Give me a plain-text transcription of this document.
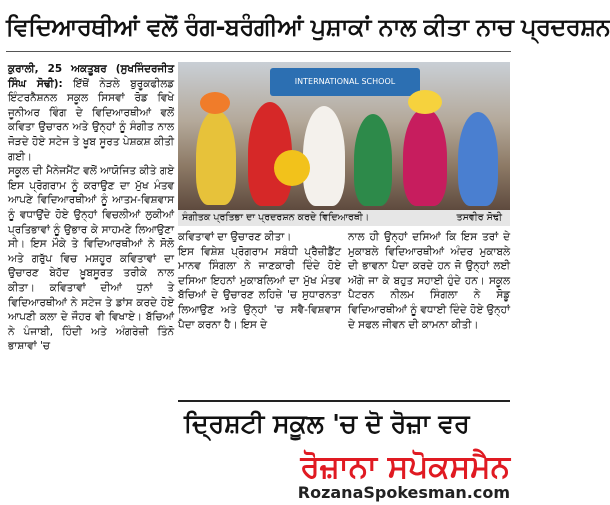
ਵਿਦਿਆਰਥੀਆਂ ਵਲੋਂ ਰੰਗ-ਬਰੰਗੀਆਂ ਪੁਸ਼ਾਕਾਂ ਨਾਲ ਕੀਤਾ ਨਾਚ ਪ੍ਰਦਰਸ਼ਨ

ਕੁਰਾਲੀ, 25 ਅਕਤੂਬਰ (ਸੁਖਜਿੰਦਰਜੀਤ ਸਿੰਘ ਸੋਢੀ): ਇੱਥੋਂ ਨੇੜਲੇ ਬੁਰੂਕਫੀਲਡ ਇੰਟਰਨੈਸ਼ਨਲ ਸਕੂਲ ਸਿਸਵਾਂ ਰੋਡ ਵਿਖੇ ਜੂਨੀਅਰ ਵਿੰਗ ਦੇ ਵਿਦਿਆਰਥੀਆਂ ਵਲੋਂ ਕਵਿਤਾ ਉਚਾਰਨ ਅਤੇ ਉਨ੍ਹਾਂ ਨੂੰ ਸੰਗੀਤ ਨਾਲ ਜੋੜਦੇ ਹੋਏ ਸਟੇਜ ਤੇ ਖੂਬ ਸੂਰਤ ਪੇਸ਼ਕਸ਼ ਕੀਤੀ ਗਈ।

ਸਕੂਲ ਦੀ ਮੈਨੇਜਮੈਂਟ ਵਲੋਂ ਆਯੋਜਿਤ ਕੀਤੇ ਗਏ ਇਸ ਪ੍ਰੋਗਰਾਮ ਨੂੰ ਕਰਾਉਣ ਦਾ ਮੁੱਖ ਮੰਤਵ ਆਪਣੇ ਵਿਦਿਆਰਥੀਆਂ ਨੂੰ ਆਤਮ-ਵਿਸ਼ਵਾਸ ਨੂੰ ਵਧਾਉਂਦੇ ਹੋਏ ਉਨ੍ਹਾਂ ਵਿਚਲੀਆਂ ਲੁਕੀਆਂ ਪ੍ਰਤਿਭਾਵਾਂ ਨੂੰ ਉਭਾਰ ਕੇ ਸਾਹਮਣੇ ਲਿਆਉਣਾ ਸੀ। ਇਸ ਮੌਕੇ ਤੇ ਵਿਦਿਆਰਥੀਆਂ ਨੇ ਸੋਲੋ ਅਤੇ ਗਰੁੱਪ ਵਿਚ ਮਸ਼ਹੂਰ ਕਵਿਤਾਵਾਂ ਦਾ ਉਚਾਰਣ ਬੇਹੱਦ ਖ਼ੂਬਸੂਰਤ ਤਰੀਕੇ ਨਾਲ ਕੀਤਾ। ਕਵਿਤਾਵਾਂ ਦੀਆਂ ਧੁਨਾਂ ਤੇ ਵਿਦਿਆਰਥੀਆਂ ਨੇ ਸਟੇਜ ਤੇ ਡਾਂਸ ਕਰਦੇ ਹੋਏ ਆਪਣੀ ਕਲਾ ਦੇ ਜੌਹਰ ਵੀ ਵਿਖਾਏ। ਬੱਚਿਆਂ ਨੇ ਪੰਜਾਬੀ, ਹਿੰਦੀ ਅਤੇ ਅੰਗਰੇਜ਼ੀ ਤਿੰਨੋ ਭਾਸ਼ਾਵਾਂ 'ਚ

INTERNATIONAL SCHOOL
ਸੰਗੀਤਕ ਪ੍ਰਤਿਭਾ ਦਾ ਪ੍ਰਦਰਸ਼ਨ ਕਰਦੇ ਵਿਦਿਆਰਥੀ।	ਤਸਵੀਰ ਸੋਢੀ

ਕਵਿਤਾਵਾਂ ਦਾ ਉਚਾਰਣ ਕੀਤਾ।

ਇਸ ਵਿਸ਼ੇਸ਼ ਪ੍ਰੋਗਰਾਮ ਸਬੰਧੀ ਪ੍ਰੈਜ਼ੀਡੈਂਟ ਮਾਨਵ ਸਿੰਗਲਾ ਨੇ ਜਾਣਕਾਰੀ ਦਿੰਦੇ ਹੋਏ ਦਸਿਆ ਇਹਨਾਂ ਮੁਕਾਬਲਿਆਂ ਦਾ ਮੁੱਖ ਮੰਤਵ ਬੱਚਿਆਂ ਦੇ ਉਚਾਰਣ ਲਹਿਜ਼ੇ 'ਚ ਸੁਧਾਰਨਤਾ ਲਿਆਉਣ ਅਤੇ ਉਨ੍ਹਾਂ 'ਚ ਸਵੈ-ਵਿਸ਼ਵਾਸ ਪੈਦਾ ਕਰਨਾ ਹੈ। ਇਸ ਦੇ

ਨਾਲ ਹੀ ਉਨ੍ਹਾਂ ਦਸਿਆਂ ਕਿ ਇਸ ਤਰਾਂ ਦੇ ਮੁਕਾਬਲੇ ਵਿਦਿਆਰਥੀਆਂ ਅੰਦਰ ਮੁਕਾਬਲੇ ਦੀ ਭਾਵਨਾ ਪੈਦਾ ਕਰਦੇ ਹਨ ਜੋ ਉਨ੍ਹਾਂ ਲਈ ਅੱਗੇ ਜਾ ਕੇ ਬਹੁਤ ਸਹਾਈ ਹੁੰਦੇ ਹਨ। ਸਕੂਲ ਪੈਟਰਨ ਨੀਲਮ ਸਿੰਗਲਾ ਨੇ ਸੋਡੂ ਵਿਦਿਆਰਥੀਆਂ ਨੂੰ ਵਧਾਈ ਦਿੰਦੇ ਹੋਏ ਉਨ੍ਹਾਂ ਦੇ ਸਫਲ ਜੀਵਨ ਦੀ ਕਾਮਨਾ ਕੀਤੀ।

ਦ੍ਰਿਸ਼ਟੀ ਸਕੂਲ 'ਚ ਦੋ ਰੋਜ਼ਾ ਵਰ
ਰੋਜ਼ਾਨਾ ਸਪੋਕਸਮੈਨ
RozanaSpokesman.com
